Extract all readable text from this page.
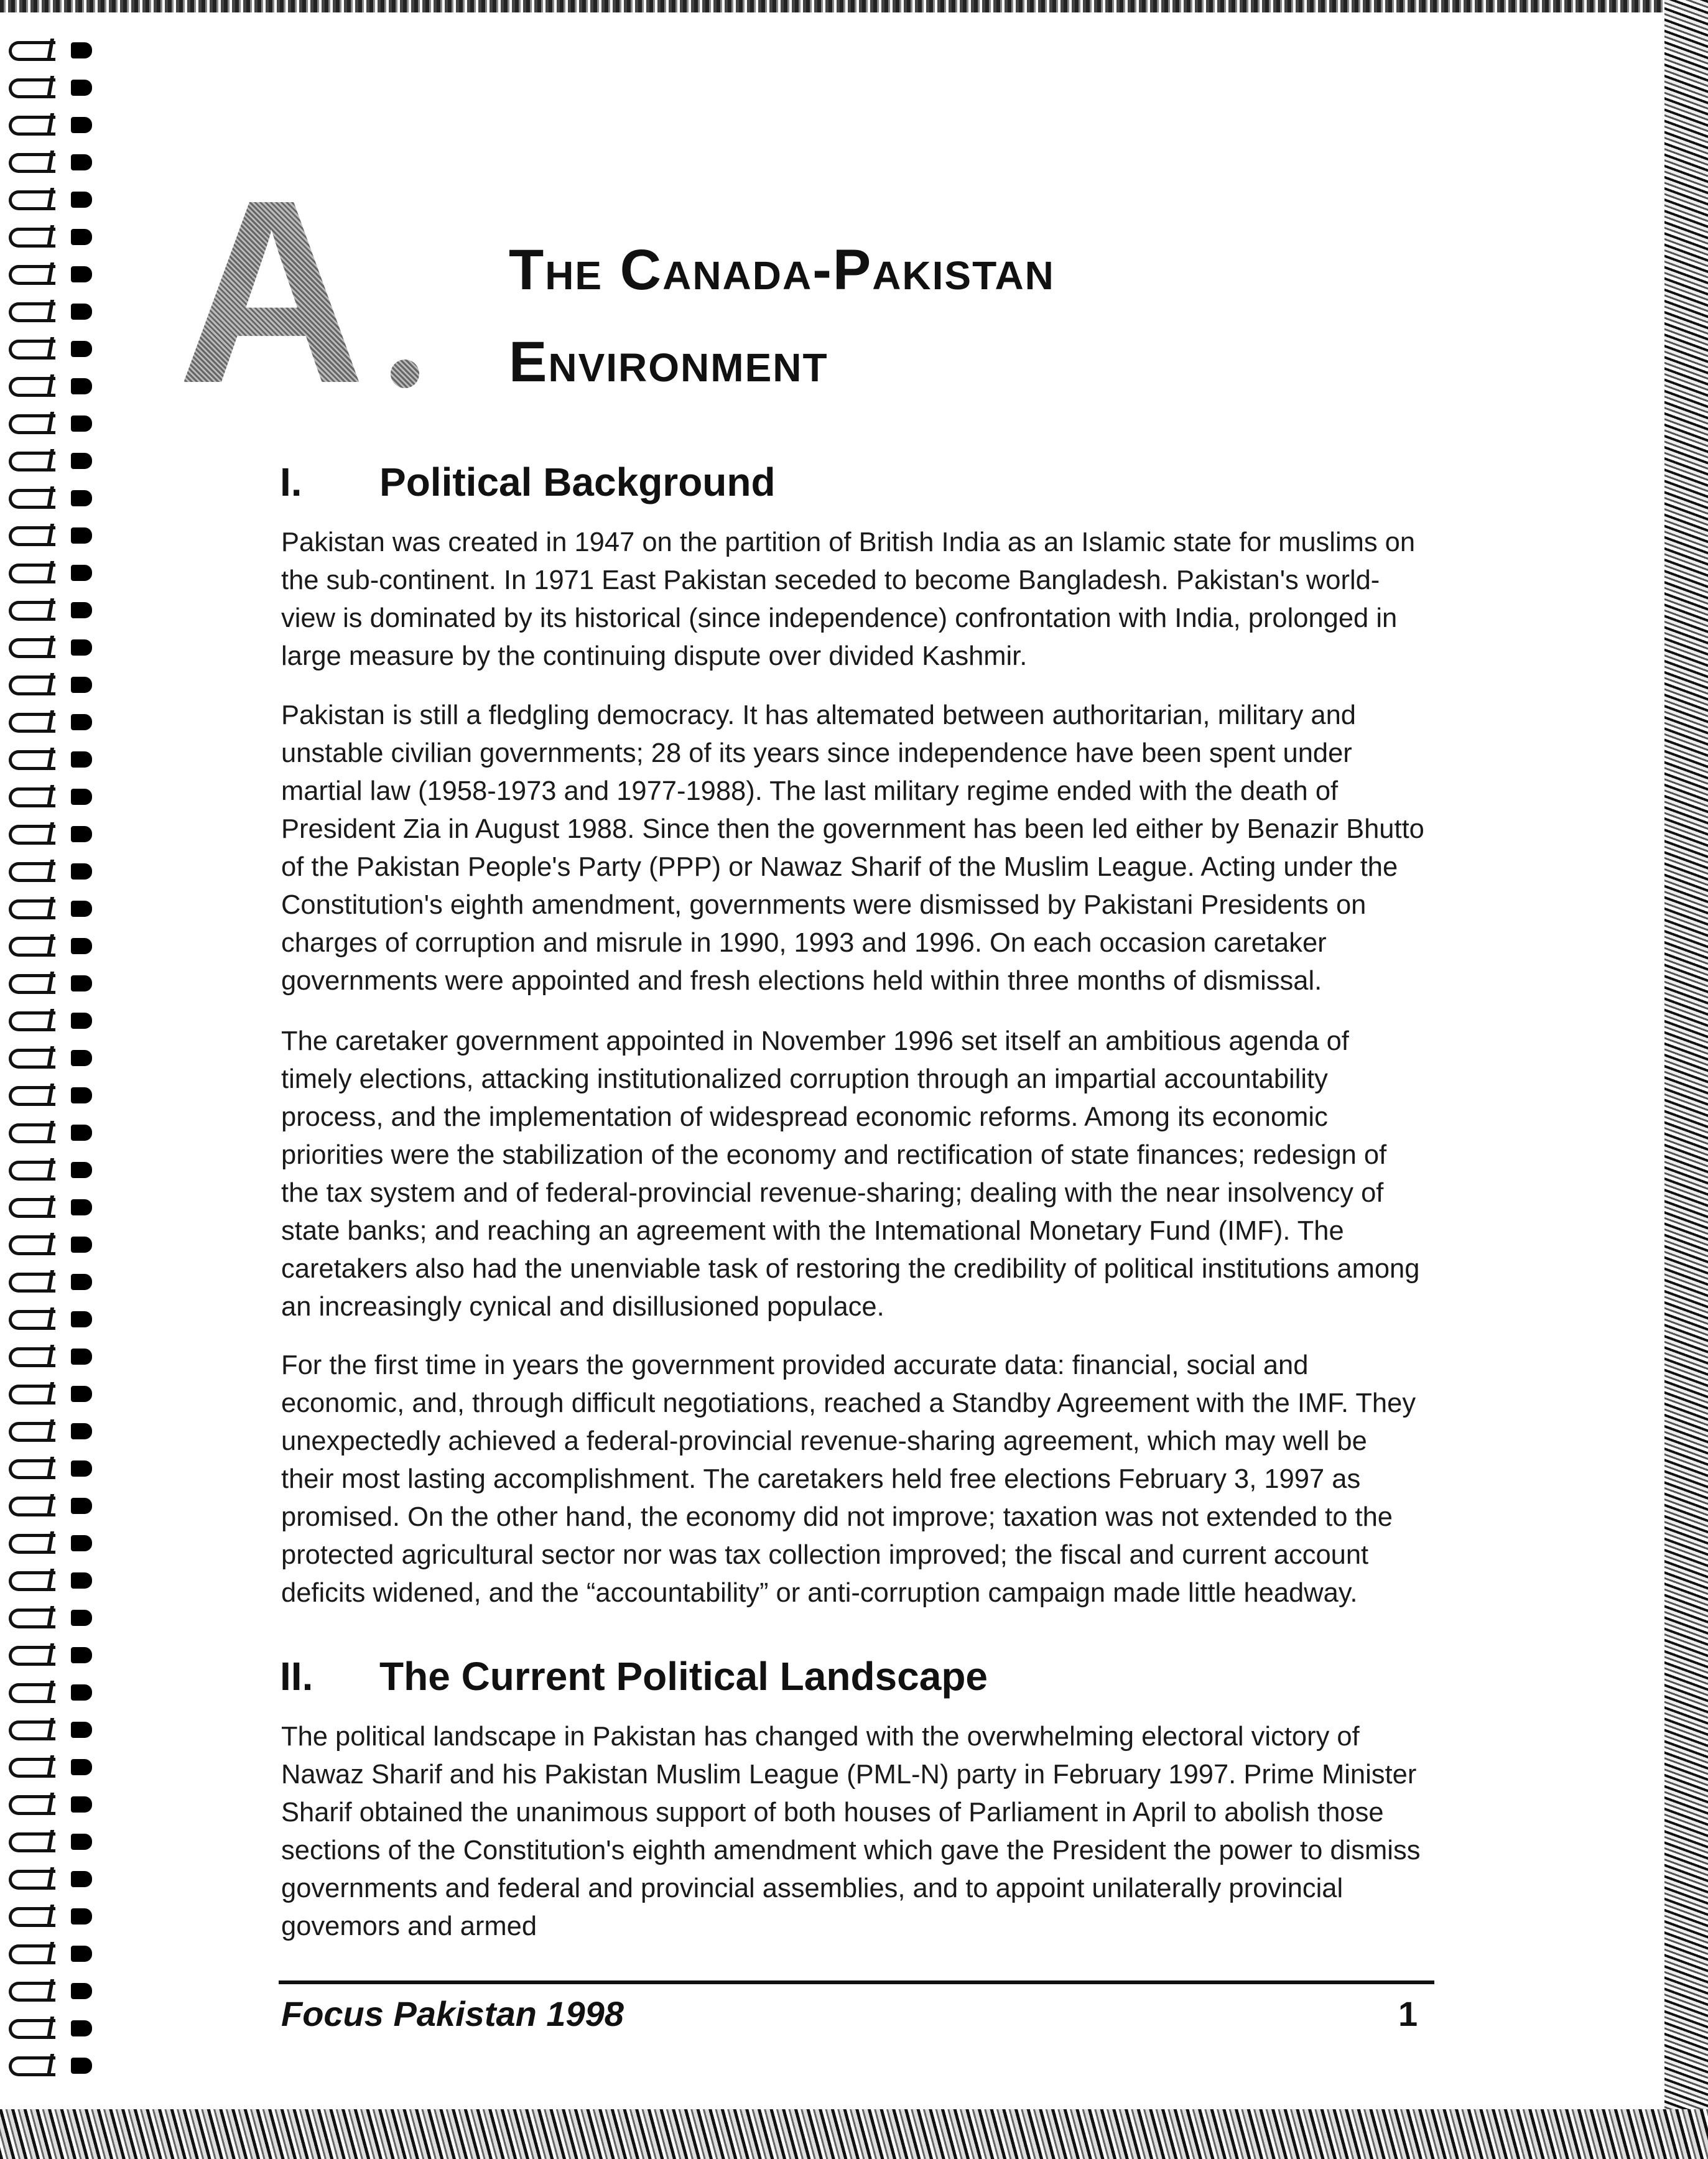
A	The Canada-Pakistan
Environment
I. Political Background

Pakistan was created in 1947 on the partition of British India as an Islamic state for muslims on the sub-continent. In 1971 East Pakistan seceded to become Bangladesh. Pakistan's world-view is dominated by its historical (since independence) confrontation with India, prolonged in large measure by the continuing dispute over divided Kashmir.

Pakistan is still a fledgling democracy. It has altemated between authoritarian, military and unstable civilian governments; 28 of its years since independence have been spent under martial law (1958-1973 and 1977-1988). The last military regime ended with the death of President Zia in August 1988. Since then the government has been led either by Benazir Bhutto of the Pakistan People's Party (PPP) or Nawaz Sharif of the Muslim League. Acting under the Constitution's eighth amendment, governments were dismissed by Pakistani Presidents on charges of corruption and misrule in 1990, 1993 and 1996. On each occasion caretaker governments were appointed and fresh elections held within three months of dismissal.

The caretaker government appointed in November 1996 set itself an ambitious agenda of timely elections, attacking institutionalized corruption through an impartial accountability process, and the implementation of widespread economic reforms. Among its economic priorities were the stabilization of the economy and rectification of state finances; redesign of the tax system and of federal-provincial revenue-sharing; dealing with the near insolvency of state banks; and reaching an agreement with the Intemational Monetary Fund (IMF). The caretakers also had the unenviable task of restoring the credibility of political institutions among an increasingly cynical and disillusioned populace.

For the first time in years the government provided accurate data: financial, social and economic, and, through difficult negotiations, reached a Standby Agreement with the IMF. They unexpectedly achieved a federal-provincial revenue-sharing agreement, which may well be their most lasting accomplishment. The caretakers held free elections February 3, 1997 as promised. On the other hand, the economy did not improve; taxation was not extended to the protected agricultural sector nor was tax collection improved; the fiscal and current account deficits widened, and the “accountability” or anti-corruption campaign made little headway.

II. The Current Political Landscape

The political landscape in Pakistan has changed with the overwhelming electoral victory of Nawaz Sharif and his Pakistan Muslim League (PML-N) party in February 1997. Prime Minister Sharif obtained the unanimous support of both houses of Parliament in April to abolish those sections of the Constitution's eighth amendment which gave the President the power to dismiss governments and federal and provincial assemblies, and to appoint unilaterally provincial govemors and armed

Focus Pakistan 1998	1
